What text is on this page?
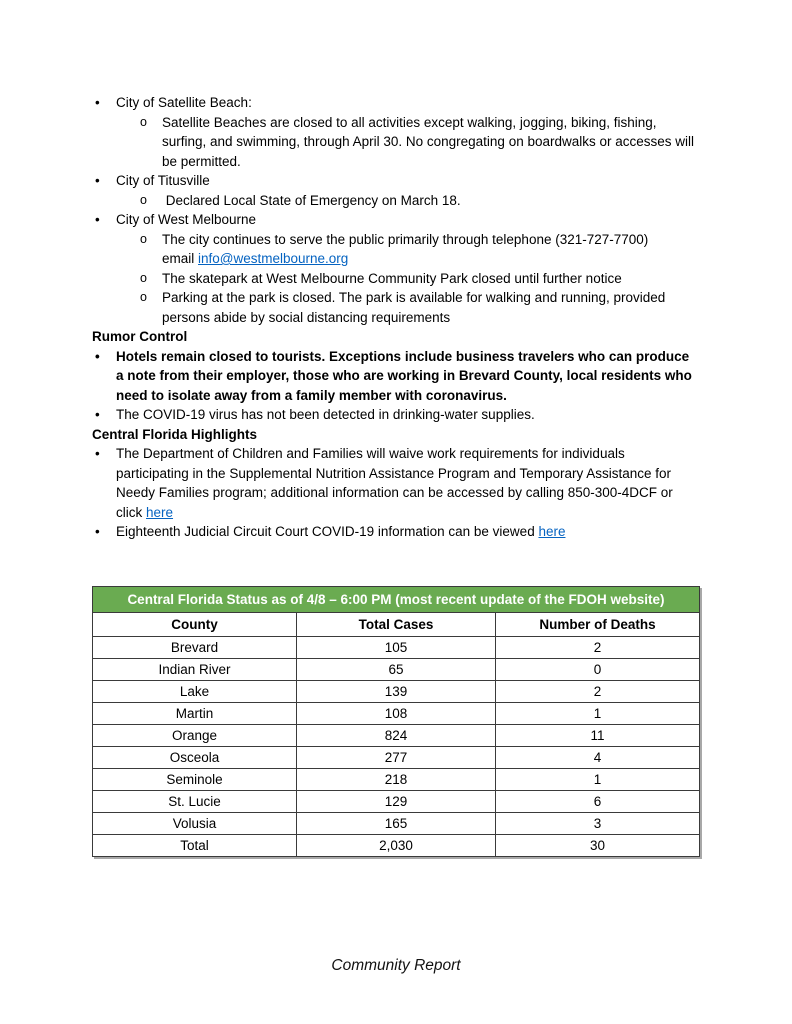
•	City of Satellite Beach:
o	Satellite Beaches are closed to all activities except walking, jogging, biking, fishing, surfing, and swimming, through April 30. No congregating on boardwalks or accesses will be permitted.
•	City of Titusville
o	Declared Local State of Emergency on March 18.
•	City of West Melbourne
o	The city continues to serve the public primarily through telephone (321-727-7700)
email info@westmelbourne.org
o	The skatepark at West Melbourne Community Park closed until further notice
o	Parking at the park is closed. The park is available for walking and running, provided persons abide by social distancing requirements
Rumor Control
•	Hotels remain closed to tourists. Exceptions include business travelers who can produce a note from their employer, those who are working in Brevard County, local residents who need to isolate away from a family member with coronavirus.
•	The COVID-19 virus has not been detected in drinking-water supplies.
Central Florida Highlights
•	The Department of Children and Families will waive work requirements for individuals participating in the Supplemental Nutrition Assistance Program and Temporary Assistance for Needy Families program; additional information can be accessed by calling 850-300-4DCF or click here
•	Eighteenth Judicial Circuit Court COVID-19 information can be viewed here
Central Florida Status as of 4/8 – 6:00 PM (most recent update of the FDOH website)		
County	Total Cases	Number of Deaths
Brevard	105	2
Indian River	65	0
Lake	139	2
Martin	108	1
Orange	824	11
Osceola	277	4
Seminole	218	1
St. Lucie	129	6
Volusia	165	3
Total	2,030	30
Community Report
